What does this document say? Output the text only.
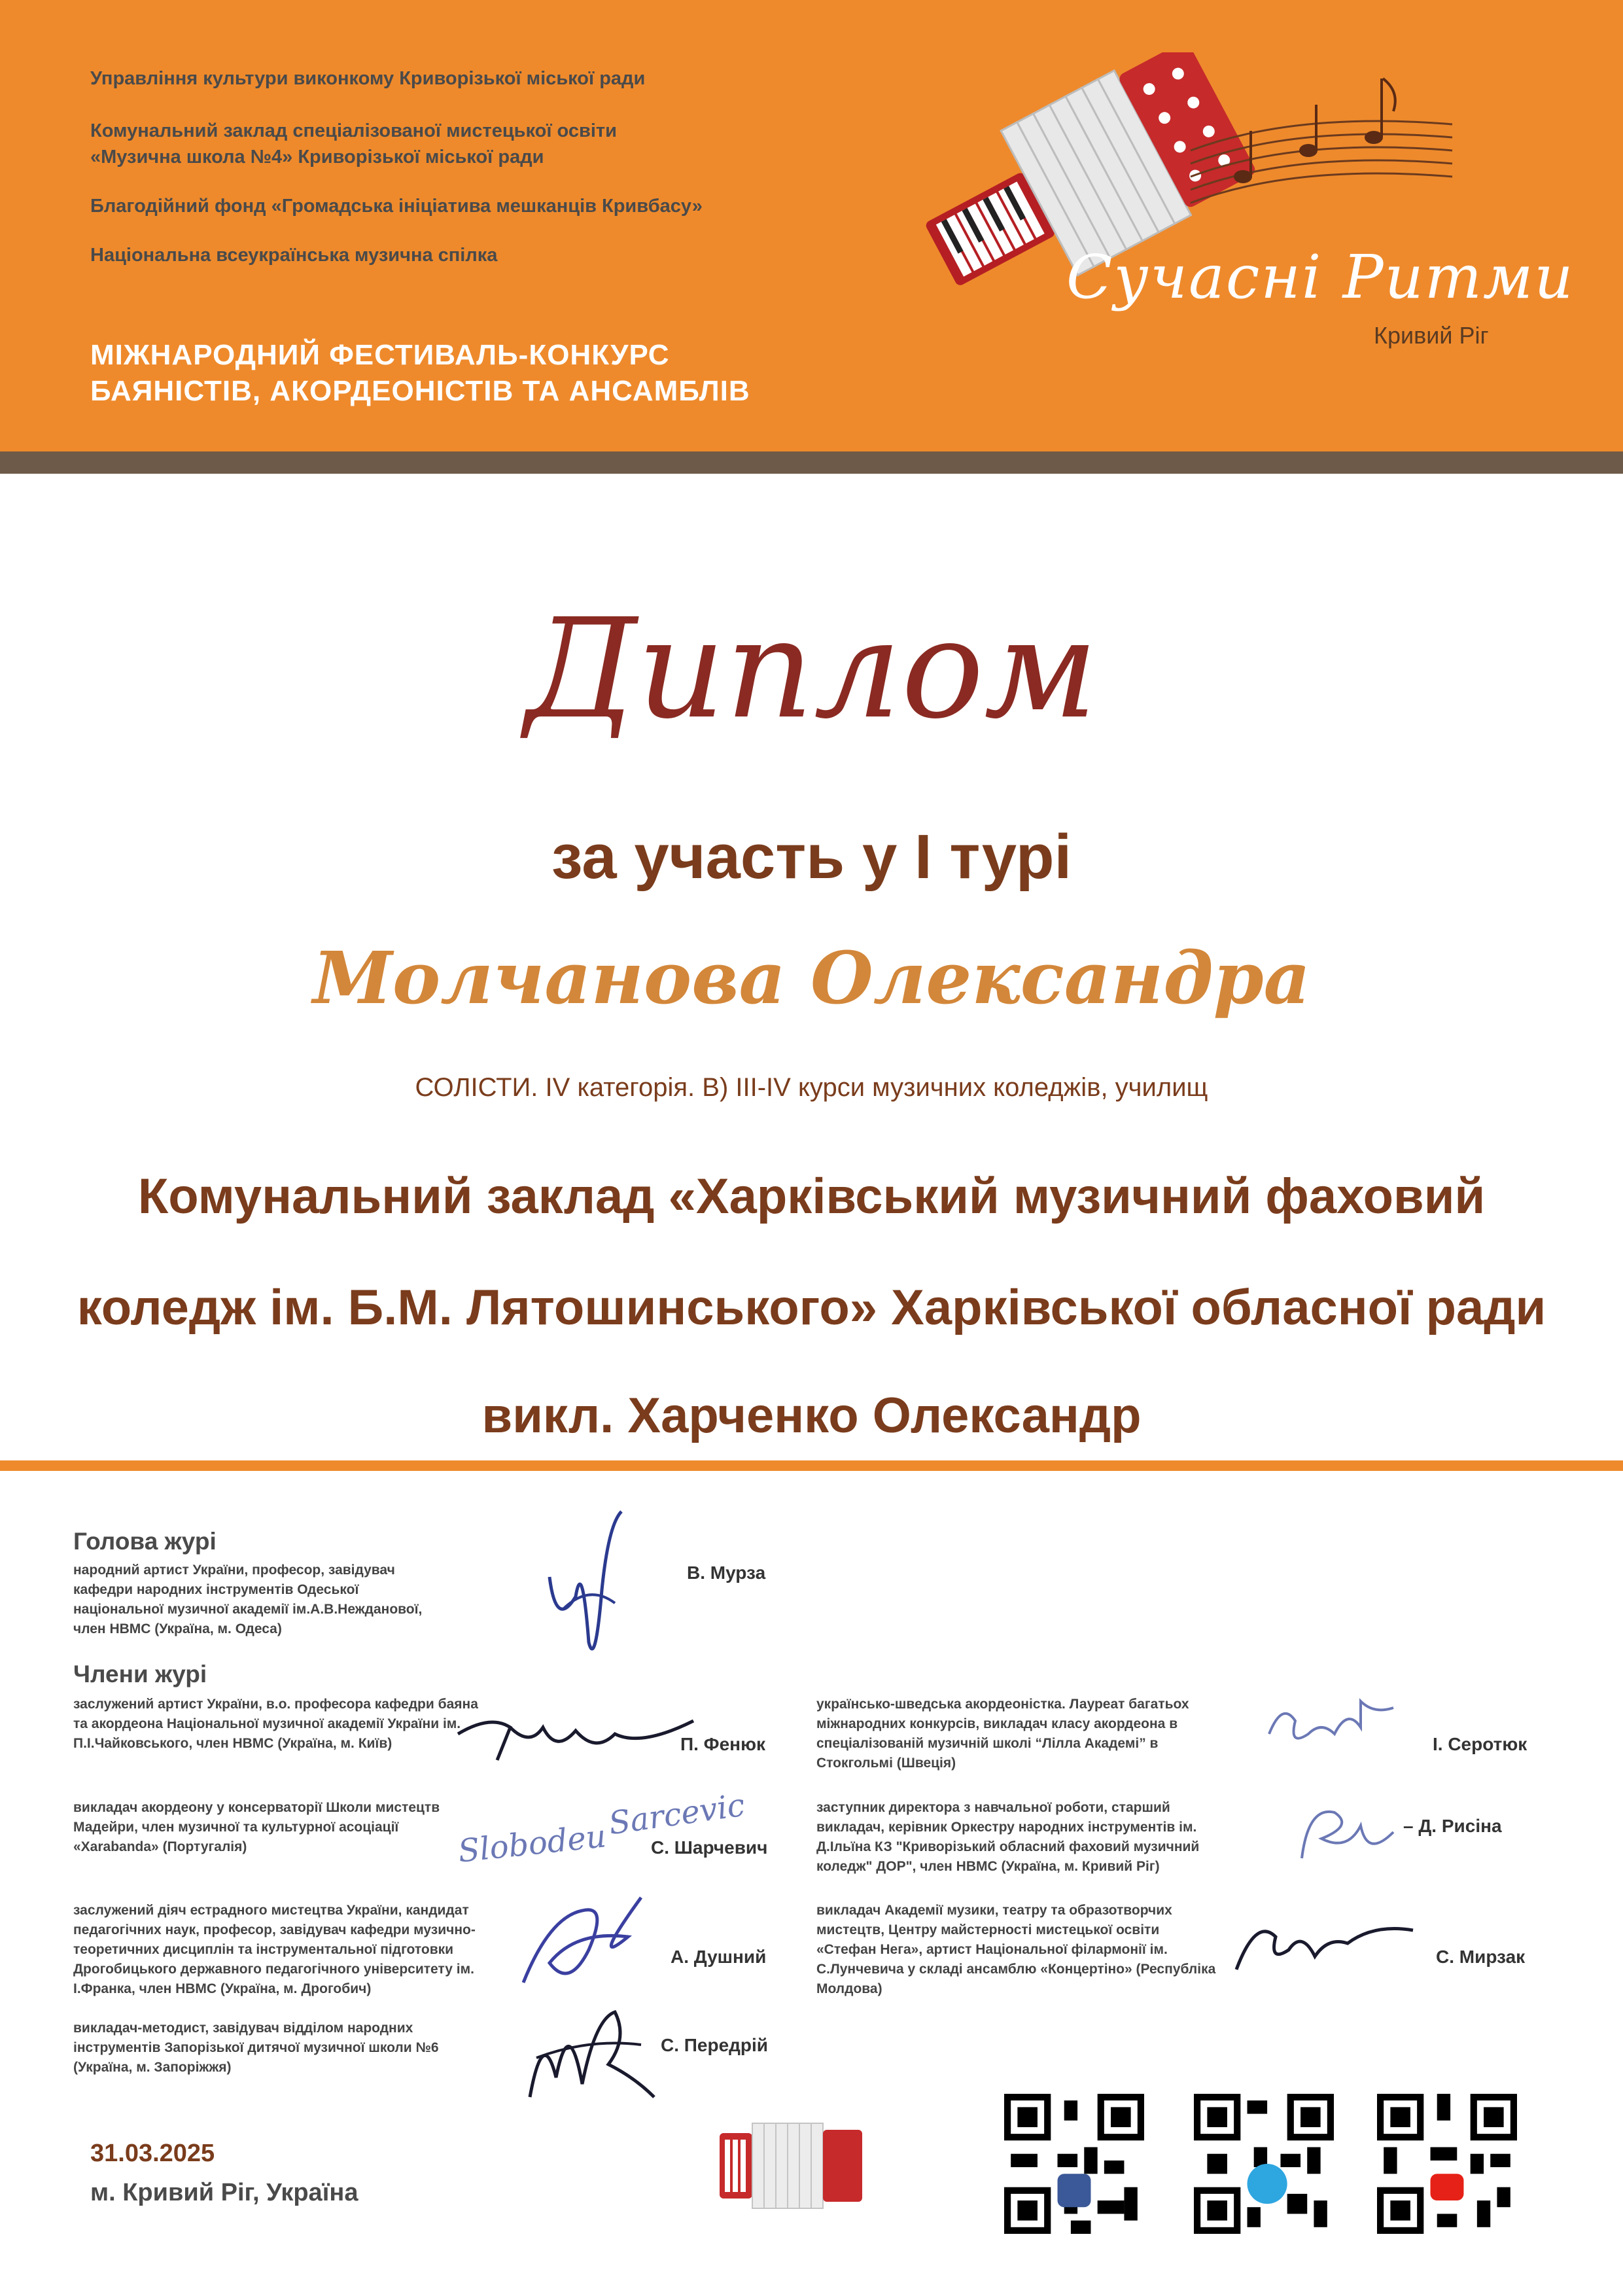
Управління культури виконкому Криворізької міської ради
Комунальний заклад спеціалізованої мистецької освіти
«Музична школа №4» Криворізької міської ради
Благодійний фонд «Громадська ініціатива мешканців Кривбасу»
Національна всеукраїнська музична спілка
МІЖНАРОДНИЙ ФЕСТИВАЛЬ-КОНКУРС
БАЯНІСТІВ, АКОРДЕОНІСТІВ ТА АНСАМБЛІВ
Сучасні Ритми
Кривий Ріг
Диплом
за участь у І турі
Молчанова Олександра
СОЛІСТИ. IV категорія. В) ІІІ-IV курси музичних коледжів, училищ
Комунальний заклад «Харківський музичний фаховий
коледж ім. Б.М. Лятошинського» Харківської обласної ради
викл. Харченко Олександр
Голова журі
народний артист України, професор, завідувач кафедри народних інструментів Одеської національної музичної академії ім.А.В.Нежданової, член НВМС (Україна, м. Одеса)
В. Мурза
Члени журі
заслужений артист України, в.о. професора кафедри баяна та акордеона Національної музичної академії України ім. П.І.Чайковського, член НВМС (Україна, м. Київ)	П. Фенюк
викладач акордеону у консерваторії Школи мистецтв Мадейри, член музичної та культурної асоціації «Xarabanda» (Португалія)	С. Шарчевич
Slobodeu
Sarcevic
заслужений діяч естрадного мистецтва України, кандидат педагогічних наук, професор, завідувач кафедри музично-теоретичних дисциплін та інструментальної підготовки Дрогобицького державного педагогічного університету ім. І.Франка, член НВМС (Україна, м. Дрогобич)
А. Душний
викладач-методист, завідувач відділом народних інструментів Запорізької дитячої музичної школи №6 (Україна, м. Запоріжжя)
С. Передрій
українсько-шведська акордеоністка. Лауреат багатьох міжнародних конкурсів, викладач класу акордеона в спеціалізованій музичній школі “Лілла Академі” в Стокгольмі (Швеція)
І. Серотюк
заступник директора з навчальної роботи, старший викладач, керівник Оркестру народних інструментів ім. Д.Ільїна КЗ "Криворізький обласний фаховий музичний коледж" ДОР", член НВМС (Україна, м. Кривий Ріг)
– Д. Рисіна
викладач Академії музики, театру та образотворчих мистецтв, Центру майстерності мистецької освіти «Стефан Нега», артист Національної філармонії ім. С.Лунчевича у складі ансамблю «Концертіно» (Республіка Молдова)
С. Мирзак
31.03.2025
м. Кривий Ріг, Україна
